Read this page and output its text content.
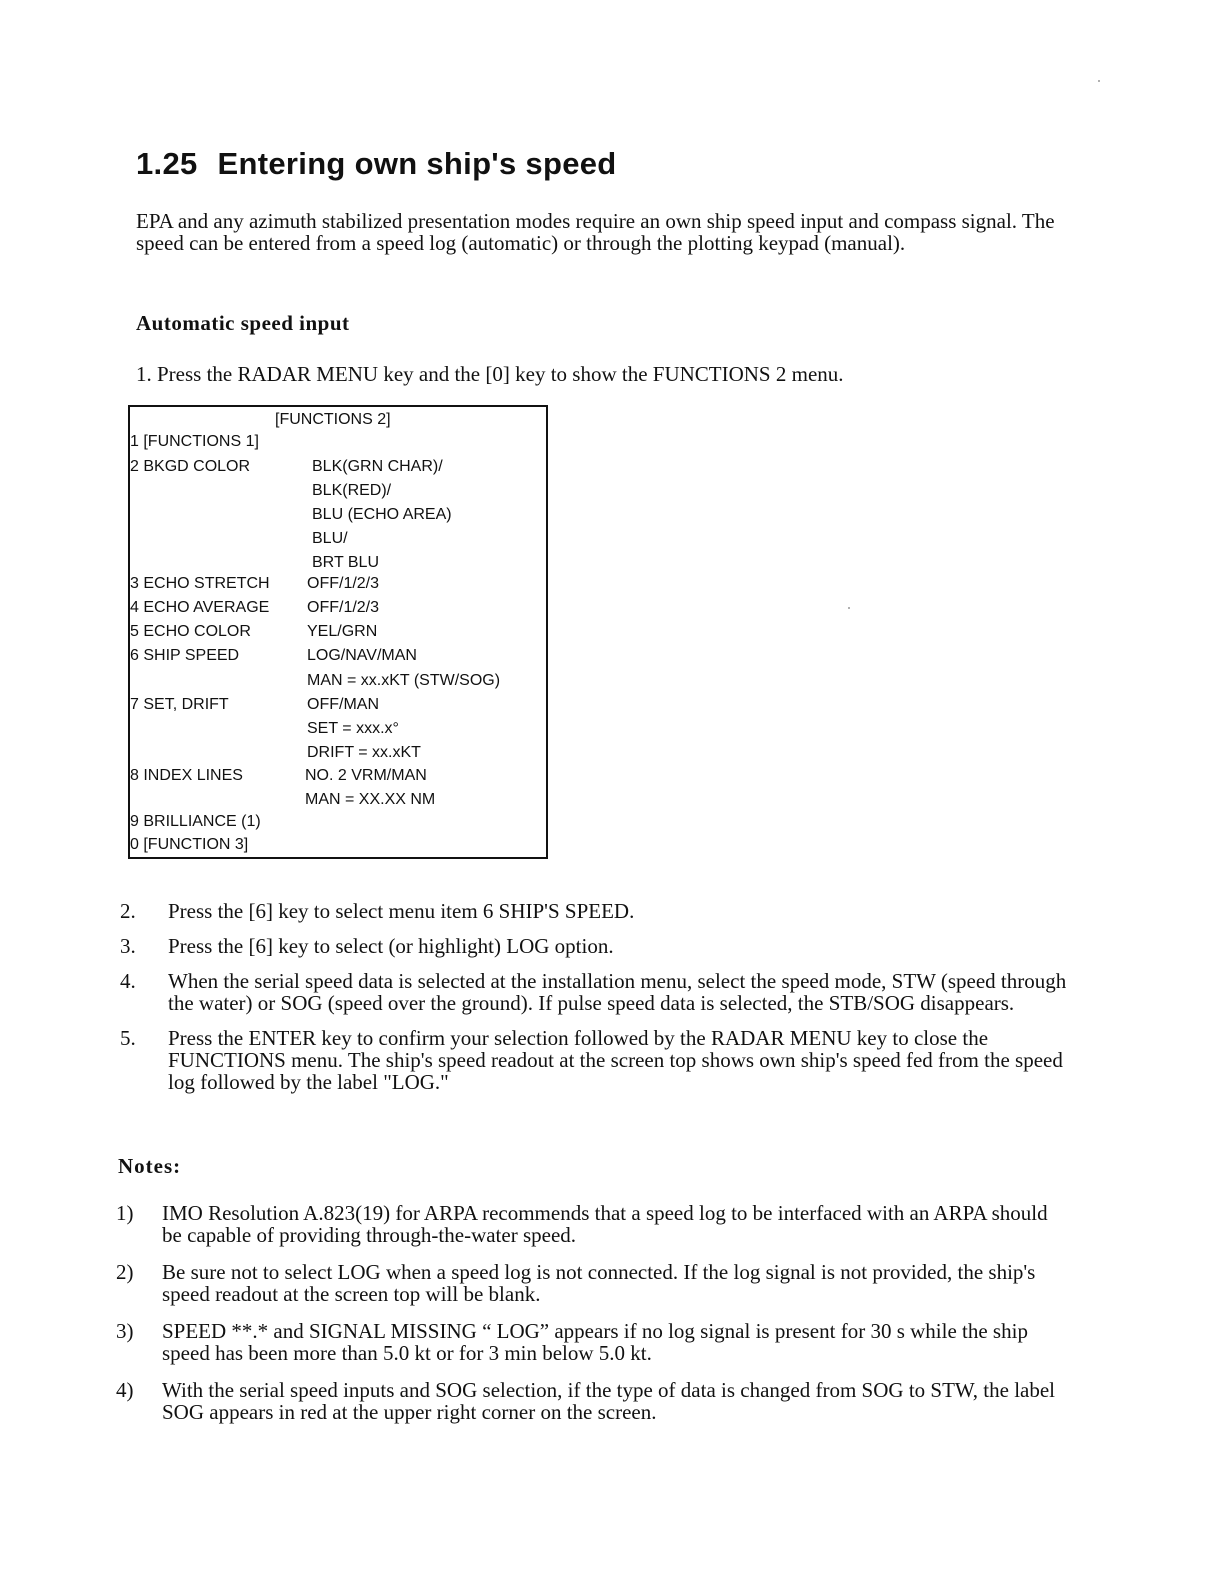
1.25 Entering own ship's speed
EPA and any azimuth stabilized presentation modes require an own ship speed input and compass signal. The speed can be entered from a speed log (automatic) or through the plotting keypad (manual).
Automatic speed input
1. Press the RADAR MENU key and the [0] key to show the FUNCTIONS 2 menu.
[FUNCTIONS 2]
1 [FUNCTIONS 1]
2 BKGD COLOR	BLK(GRN CHAR)/
BLK(RED)/
BLU (ECHO AREA)
BLU/
BRT BLU
3 ECHO STRETCH OFF/1/2/3
4 ECHO AVERAGE OFF/1/2/3
5 ECHO COLOR	YEL/GRN
6 SHIP SPEED	LOG/NAV/MAN
MAN = xx.xKT (STW/SOG)
7 SET, DRIFT	OFF/MAN
SET = xxx.x°
DRIFT = xx.xKT
8 INDEX LINES	NO. 2 VRM/MAN
MAN = XX.XX NM
9 BRILLIANCE (1)
0 [FUNCTION 3]
2. Press the [6] key to select menu item 6 SHIP'S SPEED.
3. Press the [6] key to select (or highlight) LOG option.
4. When the serial speed data is selected at the installation menu, select the speed mode, STW (speed through the water) or SOG (speed over the ground). If pulse speed data is selected, the STB/SOG disappears.
5. Press the ENTER key to confirm your selection followed by the RADAR MENU key to close the FUNCTIONS menu. The ship's speed readout at the screen top shows own ship's speed fed from the speed log followed by the label "LOG."
Notes:
1) IMO Resolution A.823(19) for ARPA recommends that a speed log to be interfaced with an ARPA should be capable of providing through-the-water speed.
2) Be sure not to select LOG when a speed log is not connected. If the log signal is not provided, the ship's speed readout at the screen top will be blank.
3) SPEED **.* and SIGNAL MISSING “ LOG” appears if no log signal is present for 30 s while the ship speed has been more than 5.0 kt or for 3 min below 5.0 kt.
4) With the serial speed inputs and SOG selection, if the type of data is changed from SOG to STW, the label SOG appears in red at the upper right corner on the screen.
